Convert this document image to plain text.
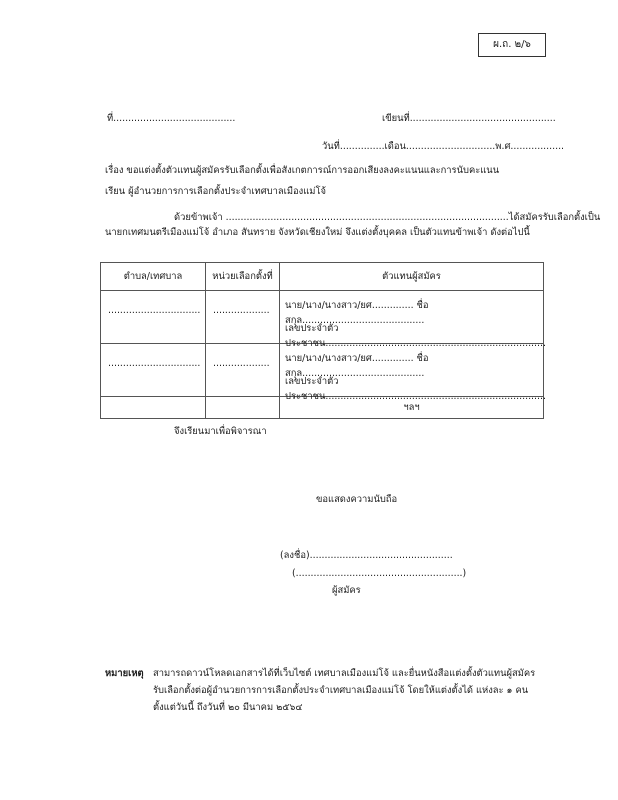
ผ.ถ. ๒/๖
ที่.........................................	เขียนที่.................................................
วันที่...............เดือน..............................พ.ศ..................
เรื่อง ขอแต่งตั้งตัวแทนผู้สมัครรับเลือกตั้งเพื่อสังเกตการณ์การออกเสียงลงคะแนนและการนับคะแนน
เรียน ผู้อำนวยการการเลือกตั้งประจำเทศบาลเมืองแม่โจ้
ด้วยข้าพเจ้า ...............................................................................................ได้สมัครรับเลือกตั้งเป็น
นายกเทศมนตรีเมืองแม่โจ้ อำเภอ สันทราย จังหวัดเชียงใหม่ จึงแต่งตั้งบุคคล เป็นตัวแทนข้าพเจ้า ดังต่อไปนี้
ตำบล/เทศบาล	หน่วยเลือกตั้งที่	ตัวแทนผู้สมัคร

...............................	...................	นาย/นาง/นางสาว/ยศ.............. ชื่อสกุล.........................................
เลขประจำตัวประชาชน..........................................................................

...............................	...................	นาย/นาง/นางสาว/ยศ.............. ชื่อสกุล.........................................
เลขประจำตัวประชาชน..........................................................................

		ฯลฯ
จึงเรียนมาเพื่อพิจารณา
ขอแสดงความนับถือ
(ลงชื่อ)................................................
(........................................................)
ผู้สมัคร
หมายเหตุ สามารถดาวน์โหลดเอกสารได้ที่เว็บไซต์ เทศบาลเมืองแม่โจ้ และยื่นหนังสือแต่งตั้งตัวแทนผู้สมัคร
รับเลือกตั้งต่อผู้อำนวยการการเลือกตั้งประจำเทศบาลเมืองแม่โจ้ โดยให้แต่งตั้งได้ แห่งละ ๑ คน
ตั้งแต่วันนี้ ถึงวันที่ ๒๐ มีนาคม ๒๕๖๔
